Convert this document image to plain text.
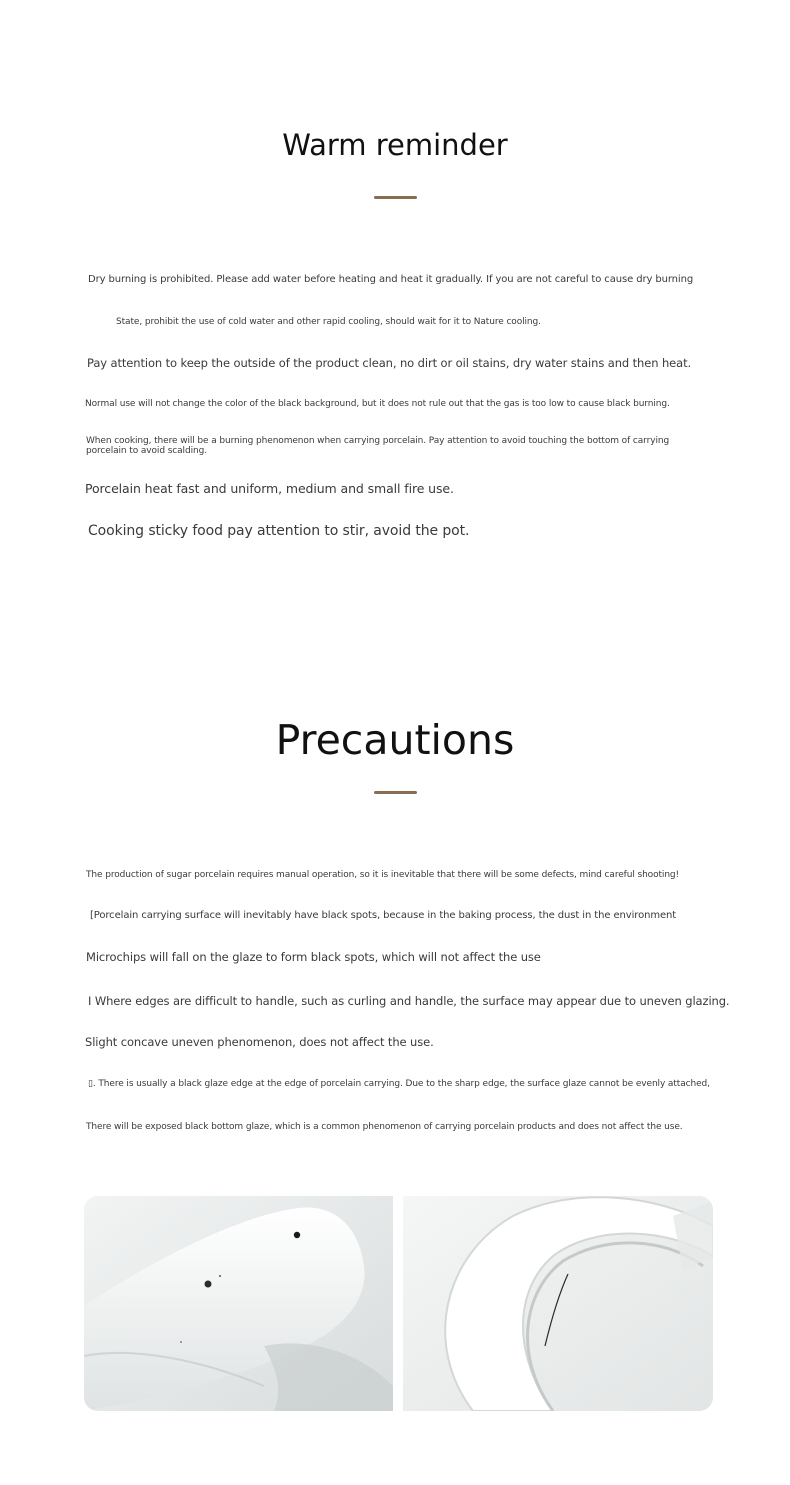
Warm reminder

Dry burning is prohibited. Please add water before heating and heat it gradually. If you are not careful to cause dry burning

State, prohibit the use of cold water and other rapid cooling, should wait for it to Nature cooling.

Pay attention to keep the outside of the product clean, no dirt or oil stains, dry water stains and then heat.

Normal use will not change the color of the black background, but it does not rule out that the gas is too low to cause black burning.

When cooking, there will be a burning phenomenon when carrying porcelain. Pay attention to avoid touching the bottom of carrying porcelain to avoid scalding.

Porcelain heat fast and uniform, medium and small fire use.

Cooking sticky food pay attention to stir, avoid the pot.

Precautions

The production of sugar porcelain requires manual operation, so it is inevitable that there will be some defects, mind careful shooting!

[Porcelain carrying surface will inevitably have black spots, because in the baking process, the dust in the environment

Microchips will fall on the glaze to form black spots, which will not affect the use

I Where edges are difficult to handle, such as curling and handle, the surface may appear due to uneven glazing.

Slight concave uneven phenomenon, does not affect the use.

▯. There is usually a black glaze edge at the edge of porcelain carrying. Due to the sharp edge, the surface glaze cannot be evenly attached,

There will be exposed black bottom glaze, which is a common phenomenon of carrying porcelain products and does not affect the use.
